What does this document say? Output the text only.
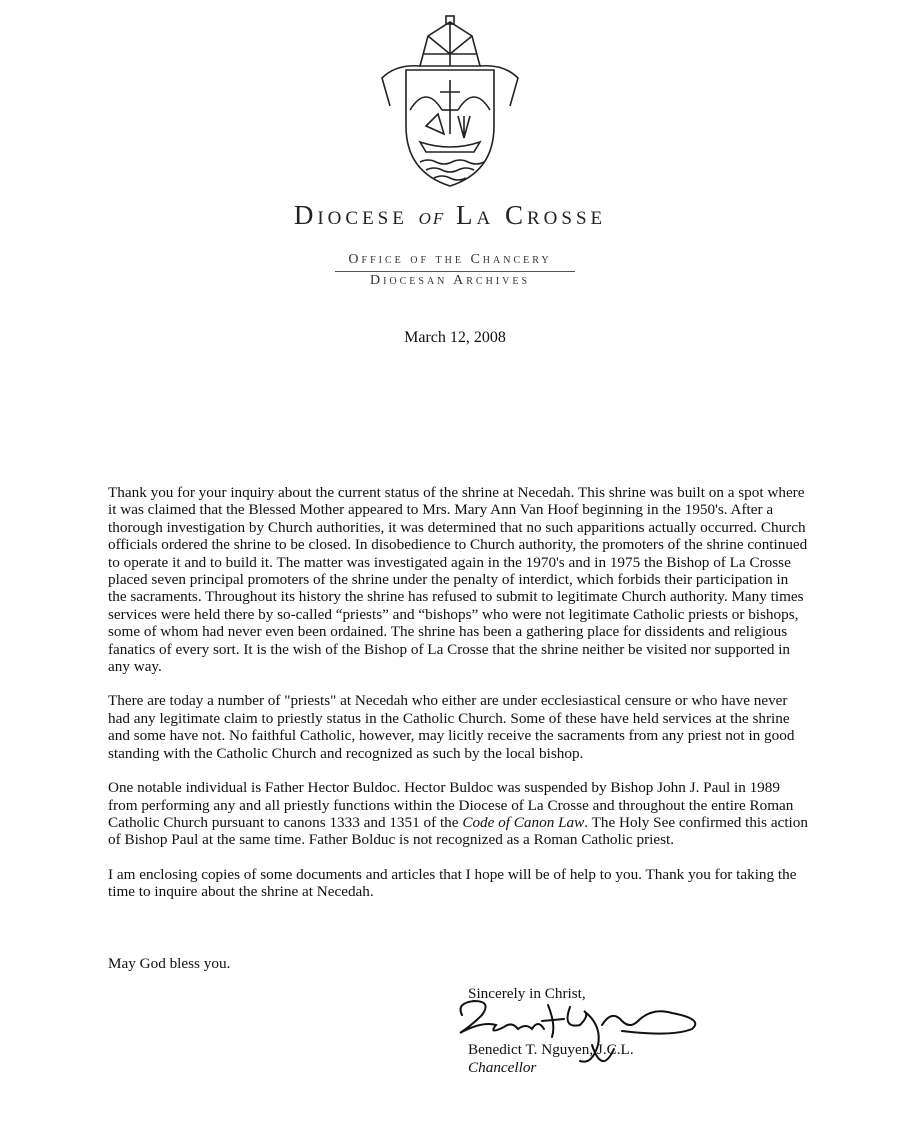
Diocese of La Crosse
Office of the Chancery
Diocesan Archives
March 12, 2008

Thank you for your inquiry about the current status of the shrine at Necedah. This shrine was built on a spot where it was claimed that the Blessed Mother appeared to Mrs. Mary Ann Van Hoof beginning in the 1950's. After a thorough investigation by Church authorities, it was determined that no such apparitions actually occurred. Church officials ordered the shrine to be closed. In disobedience to Church authority, the promoters of the shrine continued to operate it and to build it. The matter was investigated again in the 1970's and in 1975 the Bishop of La Crosse placed seven principal promoters of the shrine under the penalty of interdict, which forbids their participation in the sacraments. Throughout its history the shrine has refused to submit to legitimate Church authority. Many times services were held there by so-called “priests” and “bishops” who were not legitimate Catholic priests or bishops, some of whom had never even been ordained. The shrine has been a gathering place for dissidents and religious fanatics of every sort. It is the wish of the Bishop of La Crosse that the shrine neither be visited nor supported in any way.

There are today a number of "priests" at Necedah who either are under ecclesiastical censure or who have never had any legitimate claim to priestly status in the Catholic Church. Some of these have held services at the shrine and some have not. No faithful Catholic, however, may licitly receive the sacraments from any priest not in good standing with the Catholic Church and recognized as such by the local bishop.

One notable individual is Father Hector Buldoc. Hector Buldoc was suspended by Bishop John J. Paul in 1989 from performing any and all priestly functions within the Diocese of La Crosse and throughout the entire Roman Catholic Church pursuant to canons 1333 and 1351 of the Code of Canon Law. The Holy See confirmed this action of Bishop Paul at the same time. Father Bolduc is not recognized as a Roman Catholic priest.

I am enclosing copies of some documents and articles that I hope will be of help to you. Thank you for taking the time to inquire about the shrine at Necedah.

May God bless you.
Sincerely in Christ,
Benedict T. Nguyen, J.C.L.
Chancellor
